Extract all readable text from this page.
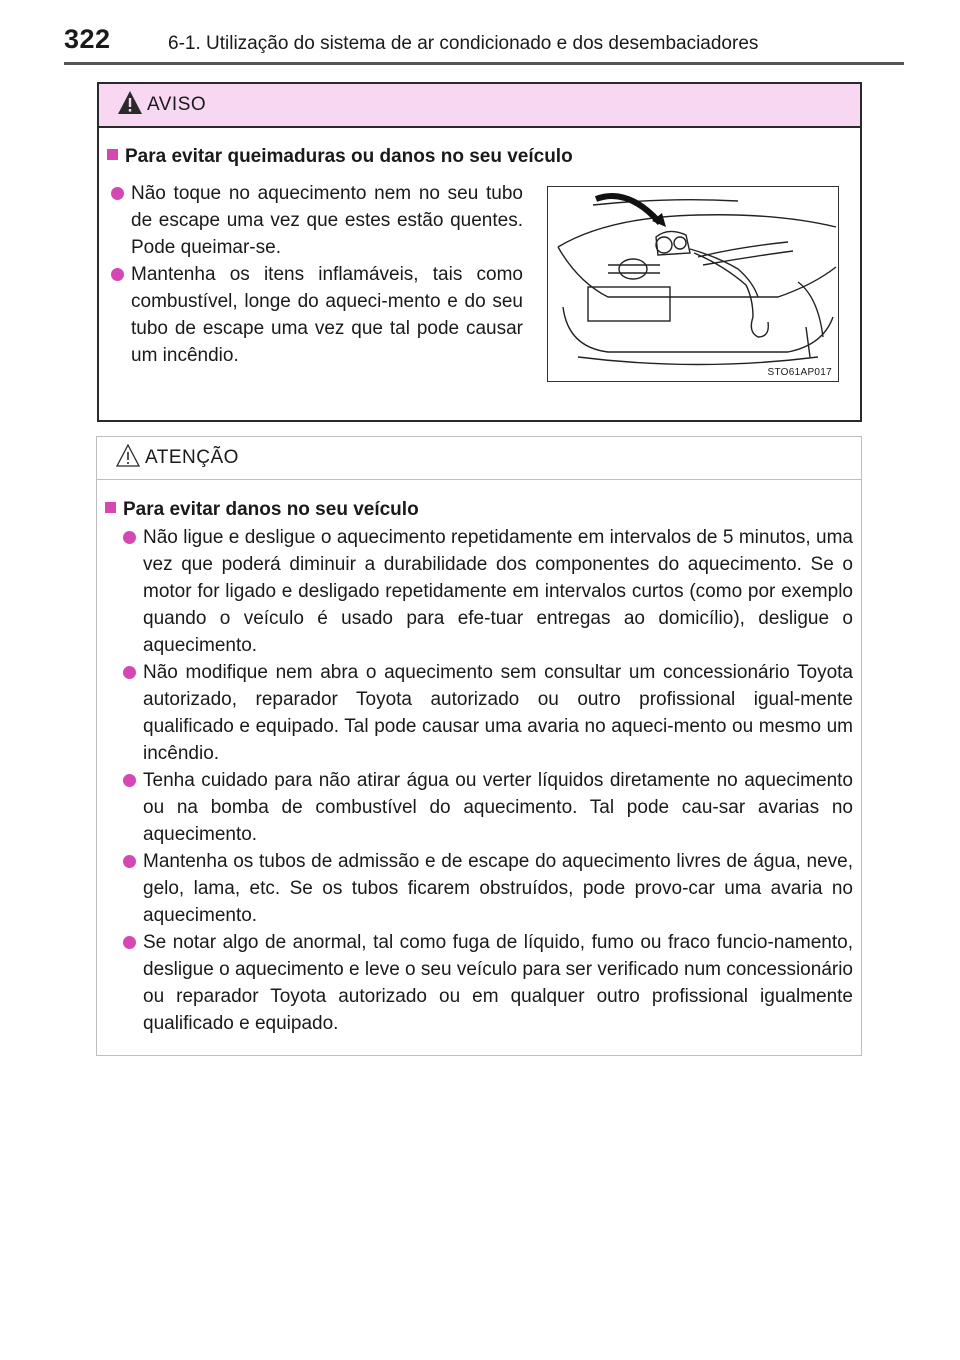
322	6-1. Utilização do sistema de ar condicionado e dos desembaciadores
AVISO
Para evitar queimaduras ou danos no seu veículo
Não toque no aquecimento nem no seu tubo de escape uma vez que estes estão quentes. Pode queimar-se.
Mantenha os itens inflamáveis, tais como combustível, longe do aqueci-mento e do seu tubo de escape uma vez que tal pode causar um incêndio.
STO61AP017
ATENÇÃO
Para evitar danos no seu veículo
Não ligue e desligue o aquecimento repetidamente em intervalos de 5 minutos, uma vez que poderá diminuir a durabilidade dos componentes do aquecimento. Se o motor for ligado e desligado repetidamente em intervalos curtos (como por exemplo quando o veículo é usado para efe-tuar entregas ao domicílio), desligue o aquecimento.
Não modifique nem abra o aquecimento sem consultar um concessionário Toyota autorizado, reparador Toyota autorizado ou outro profissional igual-mente qualificado e equipado. Tal pode causar uma avaria no aqueci-mento ou mesmo um incêndio.
Tenha cuidado para não atirar água ou verter líquidos diretamente no aquecimento ou na bomba de combustível do aquecimento. Tal pode cau-sar avarias no aquecimento.
Mantenha os tubos de admissão e de escape do aquecimento livres de água, neve, gelo, lama, etc. Se os tubos ficarem obstruídos, pode provo-car uma avaria no aquecimento.
Se notar algo de anormal, tal como fuga de líquido, fumo ou fraco funcio-namento, desligue o aquecimento e leve o seu veículo para ser verificado num concessionário ou reparador Toyota autorizado ou em qualquer outro profissional igualmente qualificado e equipado.
